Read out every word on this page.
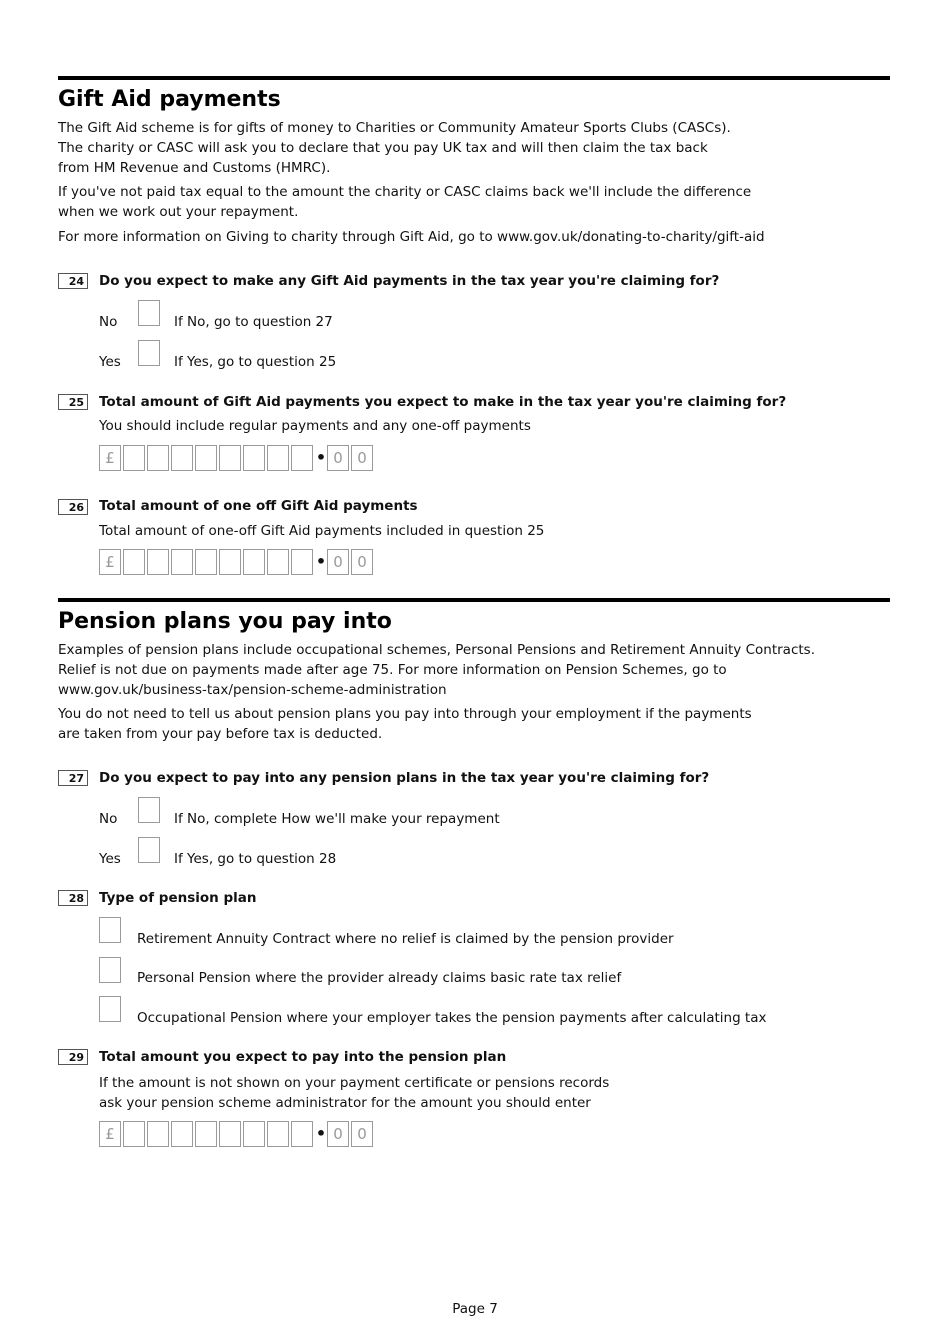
Gift Aid payments
The Gift Aid scheme is for gifts of money to Charities or Community Amateur Sports Clubs (CASCs).
The charity or CASC will ask you to declare that you pay UK tax and will then claim the tax back
from HM Revenue and Customs (HMRC).
If you've not paid tax equal to the amount the charity or CASC claims back we'll include the difference
when we work out your repayment.
For more information on Giving to charity through Gift Aid, go to www.gov.uk/donating-to-charity/gift-aid
24 Do you expect to make any Gift Aid payments in the tax year you're claiming for?
No	If No, go to question 27
Yes	If Yes, go to question 25
25 Total amount of Gift Aid payments you expect to make in the tax year you're claiming for?
You should include regular payments and any one-off payments
£	• 0 0
26 Total amount of one off Gift Aid payments
Total amount of one-off Gift Aid payments included in question 25
£	• 0 0
Pension plans you pay into
Examples of pension plans include occupational schemes, Personal Pensions and Retirement Annuity Contracts.
Relief is not due on payments made after age 75. For more information on Pension Schemes, go to
www.gov.uk/business-tax/pension-scheme-administration
You do not need to tell us about pension plans you pay into through your employment if the payments
are taken from your pay before tax is deducted.
27 Do you expect to pay into any pension plans in the tax year you're claiming for?
No	If No, complete How we'll make your repayment
Yes	If Yes, go to question 28
28 Type of pension plan
Retirement Annuity Contract where no relief is claimed by the pension provider
Personal Pension where the provider already claims basic rate tax relief
Occupational Pension where your employer takes the pension payments after calculating tax
29 Total amount you expect to pay into the pension plan
If the amount is not shown on your payment certificate or pensions records
ask your pension scheme administrator for the amount you should enter
£	• 0 0
Page 7
